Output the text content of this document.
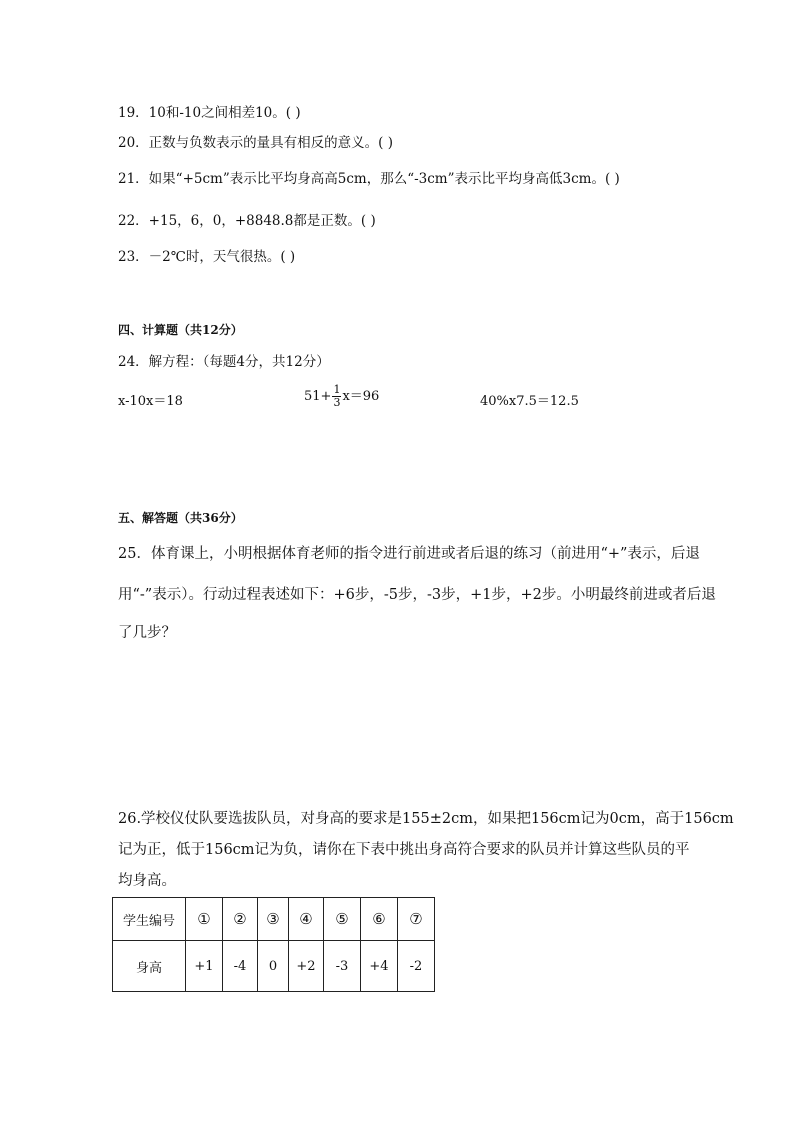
19．10和-10之间相差10。( )
20．正数与负数表示的量具有相反的意义。( )
21．如果“+5cm”表示比平均身高高5cm，那么“-3cm”表示比平均身高低3cm。( )
22．+15，6，0，+8848.8都是正数。( )
23．－2℃时，天气很热。( )
四、计算题（共12分）
24．解方程：（每题4分，共12分）
x-10x＝18	$51+ \frac{1}{3} x=96$	40%x7.5＝12.5
五、解答题（共36分）
25．体育课上，小明根据体育老师的指令进行前进或者后退的练习（前进用“+”表示，后退
用“-”表示）。行动过程表述如下：+6步，-5步，-3步，+1步，+2步。小明最终前进或者后退
了几步？
26.学校仪仗队要选拔队员，对身高的要求是155±2cm，如果把156cm记为0cm，高于156cm
记为正，低于156cm记为负，请你在下表中挑出身高符合要求的队员并计算这些队员的平
均身高。
学生编号	①	②	③	④	⑤	⑥	⑦
身高	+1	-4	0	+2	-3	+4	-2
